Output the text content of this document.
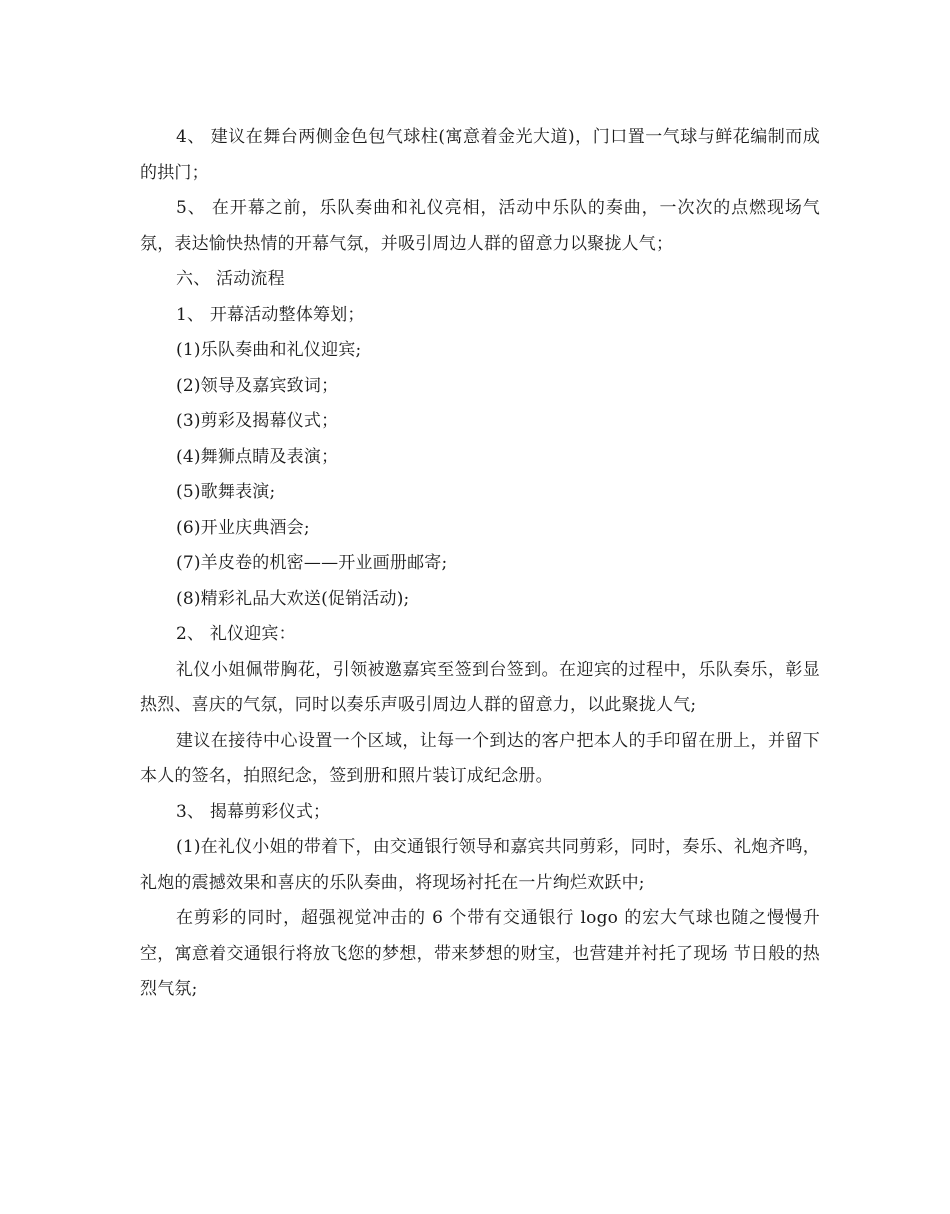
4、 建议在舞台两侧金色包气球柱(寓意着金光大道)，门口置一气球与鲜花编制而成的拱门；

5、 在开幕之前，乐队奏曲和礼仪亮相，活动中乐队的奏曲，一次次的点燃现场气氛，表达愉快热情的开幕气氛，并吸引周边人群的留意力以聚拢人气；

六、 活动流程

1、 开幕活动整体筹划；

(1)乐队奏曲和礼仪迎宾;

(2)领导及嘉宾致词；

(3)剪彩及揭幕仪式；

(4)舞狮点睛及表演；

(5)歌舞表演;

(6)开业庆典酒会;

(7)羊皮卷的机密——开业画册邮寄;

(8)精彩礼品大欢送(促销活动);

2、 礼仪迎宾：

礼仪小姐佩带胸花，引领被邀嘉宾至签到台签到。在迎宾的过程中，乐队奏乐，彰显热烈、喜庆的气氛，同时以奏乐声吸引周边人群的留意力，以此聚拢人气;

建议在接待中心设置一个区域，让每一个到达的客户把本人的手印留在册上，并留下本人的签名，拍照纪念，签到册和照片装订成纪念册。

3、 揭幕剪彩仪式；

(1)在礼仪小姐的带着下，由交通银行领导和嘉宾共同剪彩，同时，奏乐、礼炮齐鸣，礼炮的震撼效果和喜庆的乐队奏曲，将现场衬托在一片绚烂欢跃中;

在剪彩的同时，超强视觉冲击的 6 个带有交通银行 logo 的宏大气球也随之慢慢升空，寓意着交通银行将放飞您的梦想，带来梦想的财宝，也营建并衬托了现场 节日般的热烈气氛;
